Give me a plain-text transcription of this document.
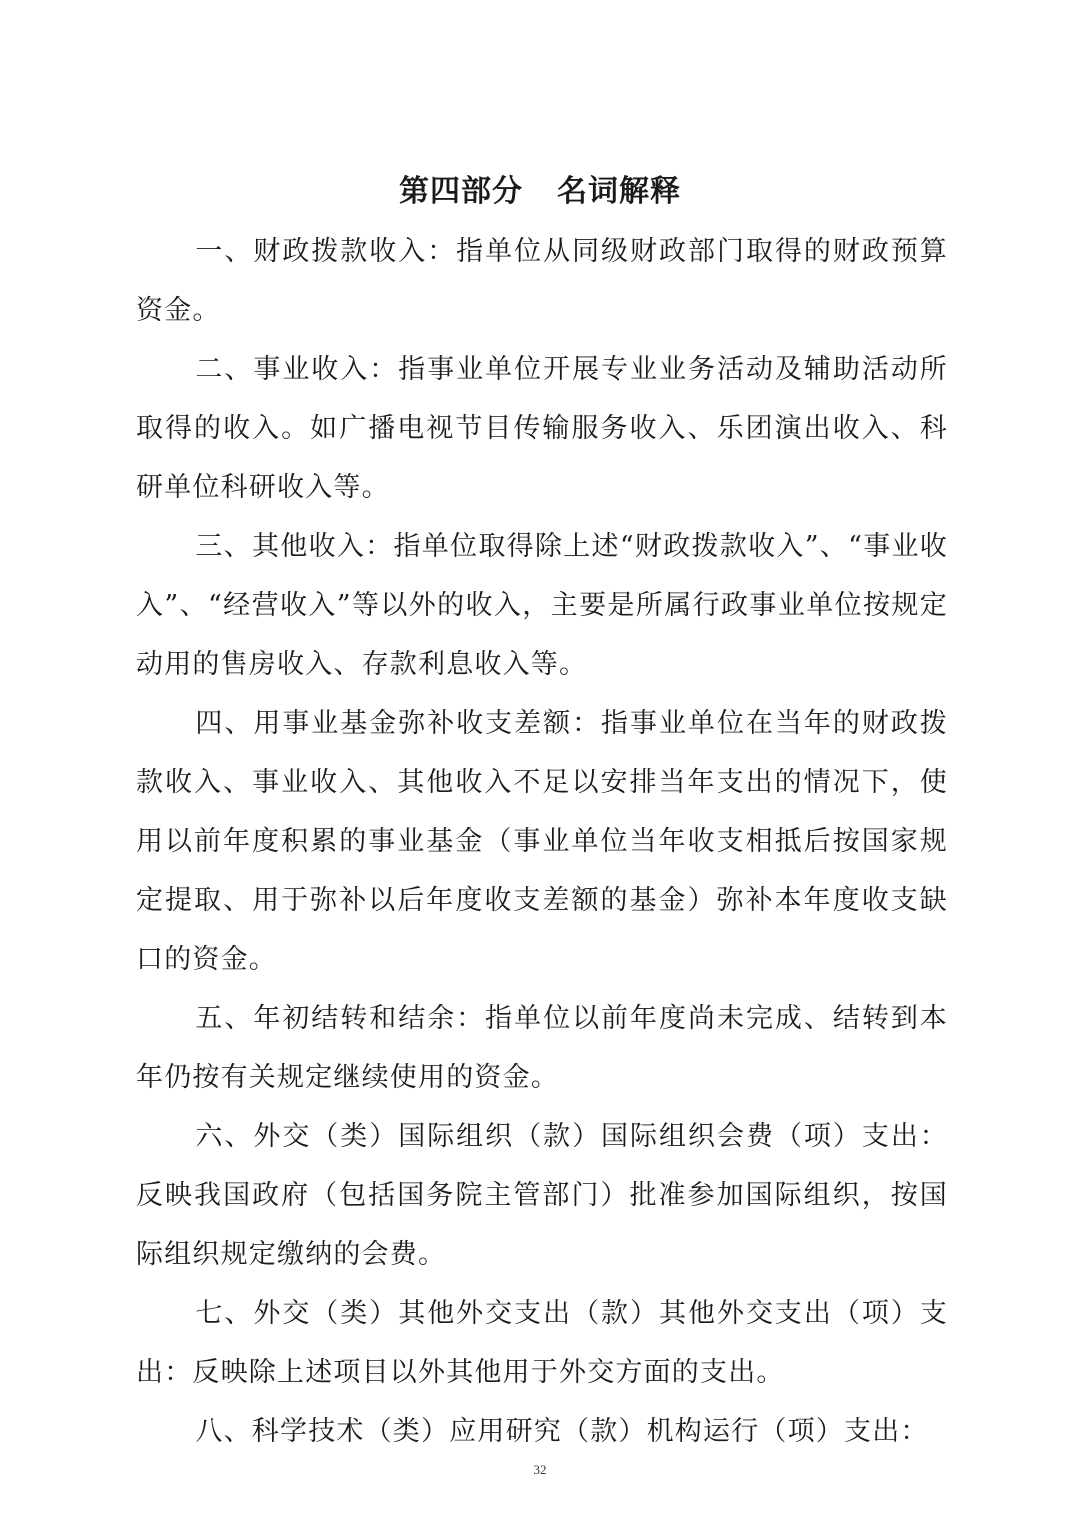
第四部分 名词解释

一、财政拨款收入：指单位从同级财政部门取得的财政预算资金。

二、事业收入：指事业单位开展专业业务活动及辅助活动所取得的收入。如广播电视节目传输服务收入、乐团演出收入、科研单位科研收入等。

三、其他收入：指单位取得除上述“财政拨款收入”、“事业收入”、“经营收入”等以外的收入，主要是所属行政事业单位按规定动用的售房收入、存款利息收入等。

四、用事业基金弥补收支差额：指事业单位在当年的财政拨款收入、事业收入、其他收入不足以安排当年支出的情况下，使用以前年度积累的事业基金（事业单位当年收支相抵后按国家规定提取、用于弥补以后年度收支差额的基金）弥补本年度收支缺口的资金。

五、年初结转和结余：指单位以前年度尚未完成、结转到本年仍按有关规定继续使用的资金。

六、外交（类）国际组织（款）国际组织会费（项）支出：反映我国政府（包括国务院主管部门）批准参加国际组织，按国际组织规定缴纳的会费。

七、外交（类）其他外交支出（款）其他外交支出（项）支出：反映除上述项目以外其他用于外交方面的支出。

八、科学技术（类）应用研究（款）机构运行（项）支出：

32
